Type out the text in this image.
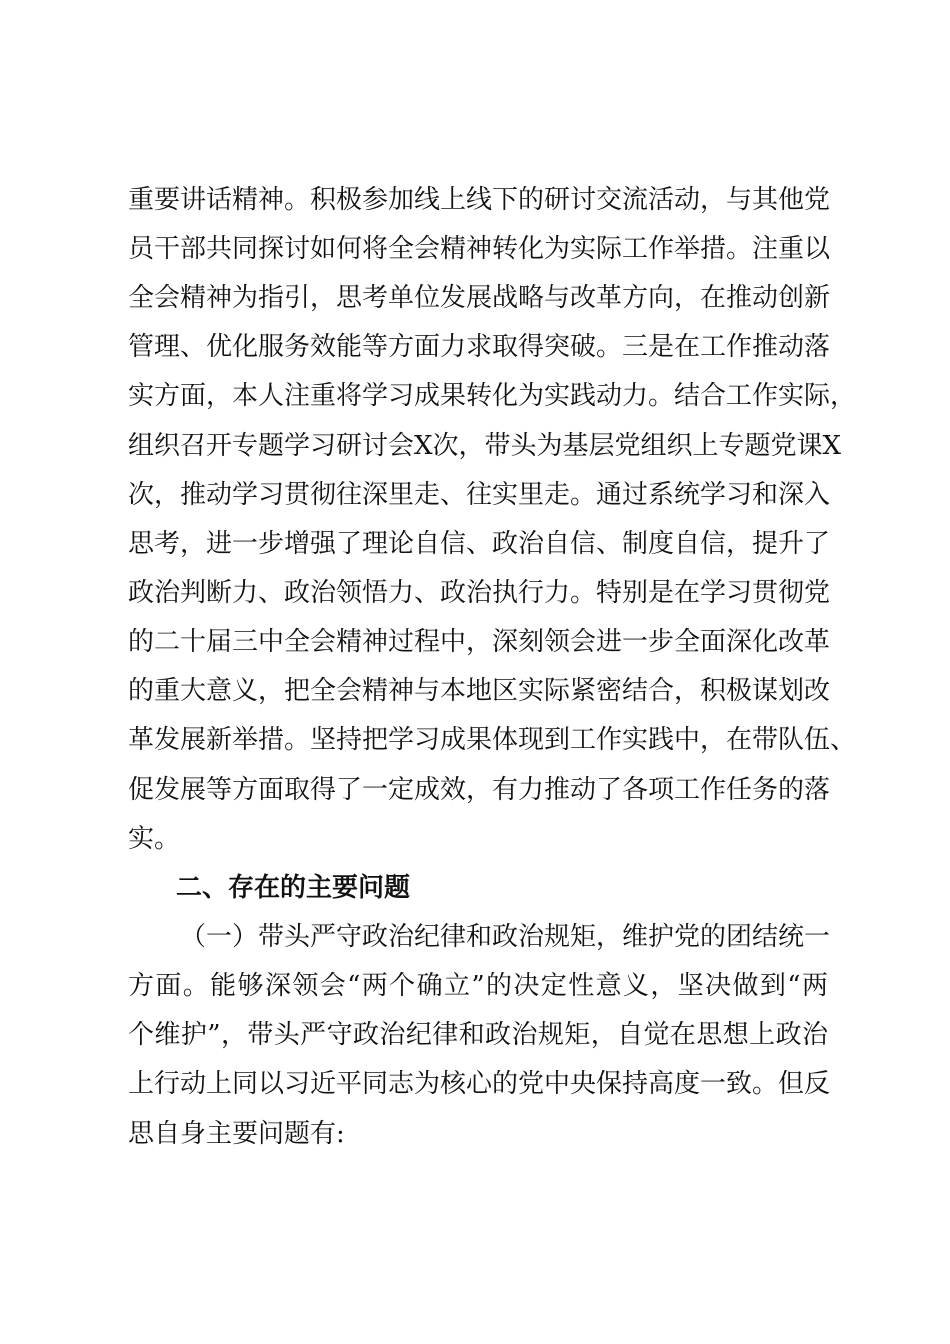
重要讲话精神。积极参加线上线下的研讨交流活动，与其他党
员干部共同探讨如何将全会精神转化为实际工作举措。注重以
全会精神为指引，思考单位发展战略与改革方向，在推动创新
管理、优化服务效能等方面力求取得突破。三是在工作推动落
实方面，本人注重将学习成果转化为实践动力。结合工作实际，
组织召开专题学习研讨会X次，带头为基层党组织上专题党课X
次，推动学习贯彻往深里走、往实里走。通过系统学习和深入
思考，进一步增强了理论自信、政治自信、制度自信，提升了
政治判断力、政治领悟力、政治执行力。特别是在学习贯彻党
的二十届三中全会精神过程中，深刻领会进一步全面深化改革
的重大意义，把全会精神与本地区实际紧密结合，积极谋划改
革发展新举措。坚持把学习成果体现到工作实践中，在带队伍、
促发展等方面取得了一定成效，有力推动了各项工作任务的落
实。
二、存在的主要问题
（一）带头严守政治纪律和政治规矩，维护党的团结统一
方面。能够深领会“两个确立”的决定性意义，坚决做到“两
个维护”，带头严守政治纪律和政治规矩，自觉在思想上政治
上行动上同以习近平同志为核心的党中央保持高度一致。但反
思自身主要问题有:
